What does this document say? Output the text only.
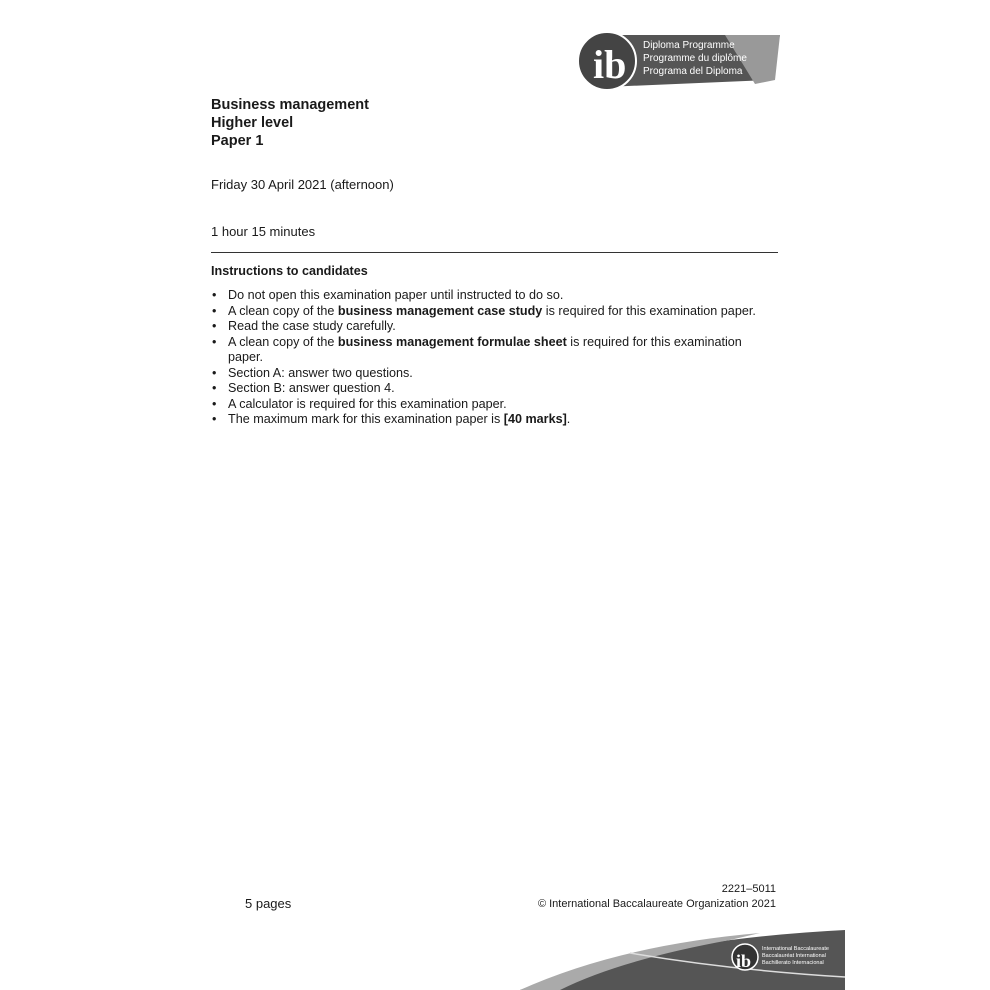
ib Diploma Programme
Programme du diplôme
Programa del Diploma
Business management
Higher level
Paper 1
Friday 30 April 2021 (afternoon)
1 hour 15 minutes
Instructions to candidates
• Do not open this examination paper until instructed to do so.
• A clean copy of the business management case study is required for this examination paper.
• Read the case study carefully.
• A clean copy of the business management formulae sheet is required for this examination paper.
• Section A: answer two questions.
• Section B: answer question 4.
• A calculator is required for this examination paper.
• The maximum mark for this examination paper is [40 marks].
5 pages
2221–5011
© International Baccalaureate Organization 2021
ib
International Baccalaureate
Baccalauréat International
Bachillerato Internacional
